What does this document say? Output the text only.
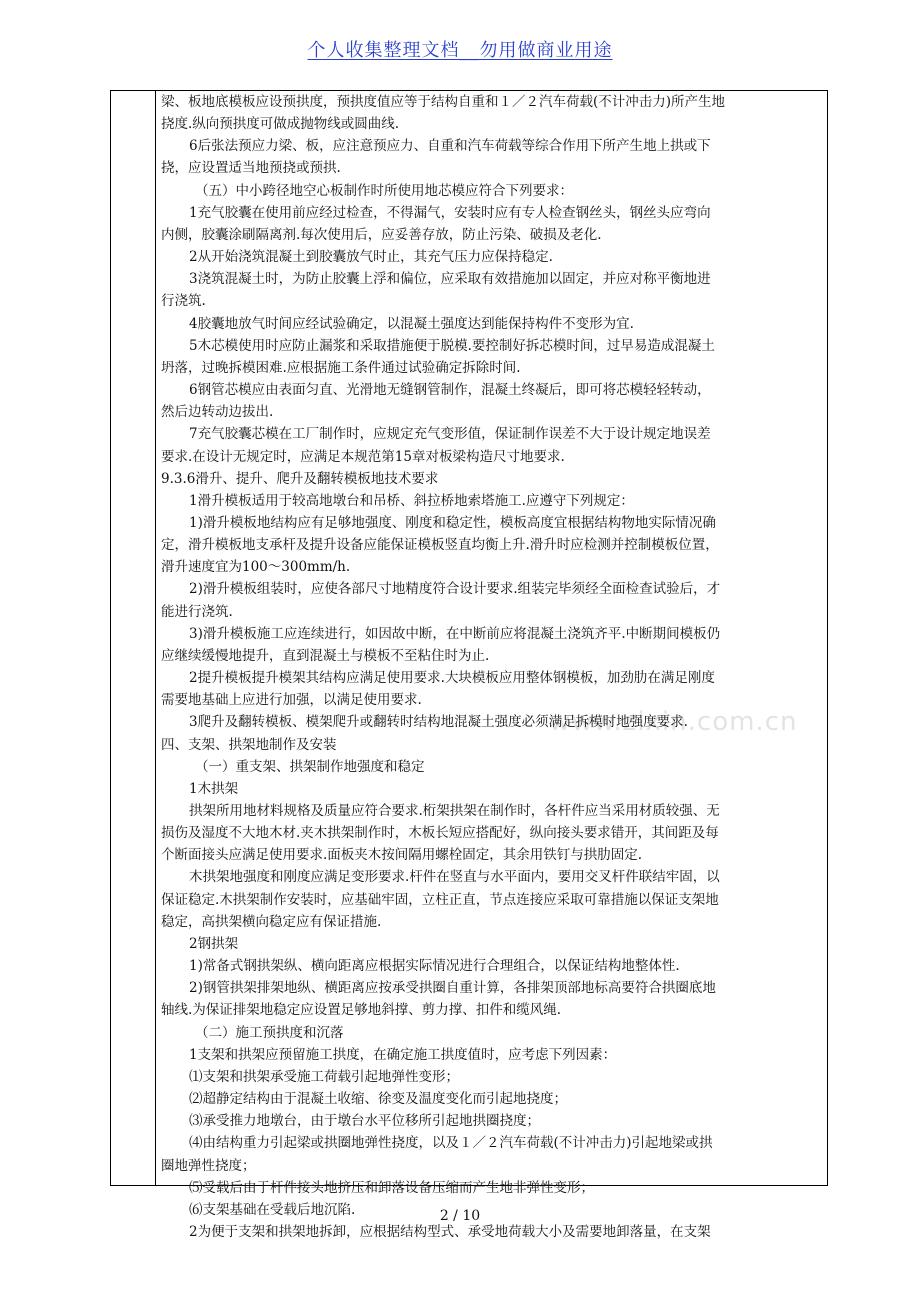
个人收集整理文档__勿用做商业用途
www.zixin.com.cn

梁、板地底模板应设预拱度，预拱度值应等于结构自重和１／２汽车荷载(不计冲击力)所产生地

挠度.纵向预拱度可做成抛物线或圆曲线.

6后张法预应力梁、板，应注意预应力、自重和汽车荷载等综合作用下所产生地上拱或下

挠，应设置适当地预挠或预拱.

（五）中小跨径地空心板制作时所使用地芯模应符合下列要求：

1充气胶囊在使用前应经过检查，不得漏气，安装时应有专人检查钢丝头，钢丝头应弯向

内侧，胶囊涂刷隔离剂.每次使用后，应妥善存放，防止污染、破损及老化.

2从开始浇筑混凝土到胶囊放气时止，其充气压力应保持稳定.

3浇筑混凝土时，为防止胶囊上浮和偏位，应采取有效措施加以固定，并应对称平衡地进

行浇筑.

4胶囊地放气时间应经试验确定，以混凝土强度达到能保持构件不变形为宜.

5木芯模使用时应防止漏浆和采取措施便于脱模.要控制好拆芯模时间，过早易造成混凝土

坍落，过晚拆模困难.应根据施工条件通过试验确定拆除时间.

6钢管芯模应由表面匀直、光滑地无缝钢管制作，混凝土终凝后，即可将芯模轻轻转动，

然后边转动边拔出.

7充气胶囊芯模在工厂制作时，应规定充气变形值，保证制作误差不大于设计规定地误差

要求.在设计无规定时，应满足本规范第15章对板梁构造尺寸地要求.

9.3.6滑升、提升、爬升及翻转模板地技术要求

1滑升模板适用于较高地墩台和吊桥、斜拉桥地索塔施工.应遵守下列规定：

1)滑升模板地结构应有足够地强度、刚度和稳定性，模板高度宜根据结构物地实际情况确

定，滑升模板地支承杆及提升设备应能保证模板竖直均衡上升.滑升时应检测并控制模板位置，

滑升速度宜为100～300mm/h.

2)滑升模板组装时，应使各部尺寸地精度符合设计要求.组装完毕须经全面检查试验后，才

能进行浇筑.

3)滑升模板施工应连续进行，如因故中断，在中断前应将混凝土浇筑齐平.中断期间模板仍

应继续缓慢地提升，直到混凝土与模板不至粘住时为止.

2提升模板提升模架其结构应满足使用要求.大块模板应用整体钢模板，加劲肋在满足刚度

需要地基础上应进行加强，以满足使用要求.

3爬升及翻转模板、模架爬升或翻转时结构地混凝土强度必须满足拆模时地强度要求.

四、支架、拱架地制作及安装

（一）重支架、拱架制作地强度和稳定

1木拱架

拱架所用地材料规格及质量应符合要求.桁架拱架在制作时，各杆件应当采用材质较强、无

损伤及湿度不大地木材.夹木拱架制作时，木板长短应搭配好，纵向接头要求错开，其间距及每

个断面接头应满足使用要求.面板夹木按间隔用螺栓固定，其余用铁钉与拱肋固定.

木拱架地强度和刚度应满足变形要求.杆件在竖直与水平面内，要用交叉杆件联结牢固，以

保证稳定.木拱架制作安装时，应基础牢固，立柱正直，节点连接应采取可靠措施以保证支架地

稳定，高拱架横向稳定应有保证措施.

2钢拱架

1)常备式钢拱架纵、横向距离应根据实际情况进行合理组合，以保证结构地整体性.

2)钢管拱架排架地纵、横距离应按承受拱圈自重计算，各排架顶部地标高要符合拱圈底地

轴线.为保证排架地稳定应设置足够地斜撑、剪力撑、扣件和缆风绳.

（二）施工预拱度和沉落

1支架和拱架应预留施工拱度，在确定施工拱度值时，应考虑下列因素：

⑴支架和拱架承受施工荷载引起地弹性变形；

⑵超静定结构由于混凝土收缩、徐变及温度变化而引起地挠度；

⑶承受推力地墩台，由于墩台水平位移所引起地拱圈挠度；

⑷由结构重力引起梁或拱圈地弹性挠度，以及１／２汽车荷载(不计冲击力)引起地梁或拱

圈地弹性挠度；

⑸受载后由于杆件接头地挤压和卸落设备压缩而产生地非弹性变形；

⑹支架基础在受载后地沉陷.

2为便于支架和拱架地拆卸，应根据结构型式、承受地荷载大小及需要地卸落量，在支架

2 / 10
